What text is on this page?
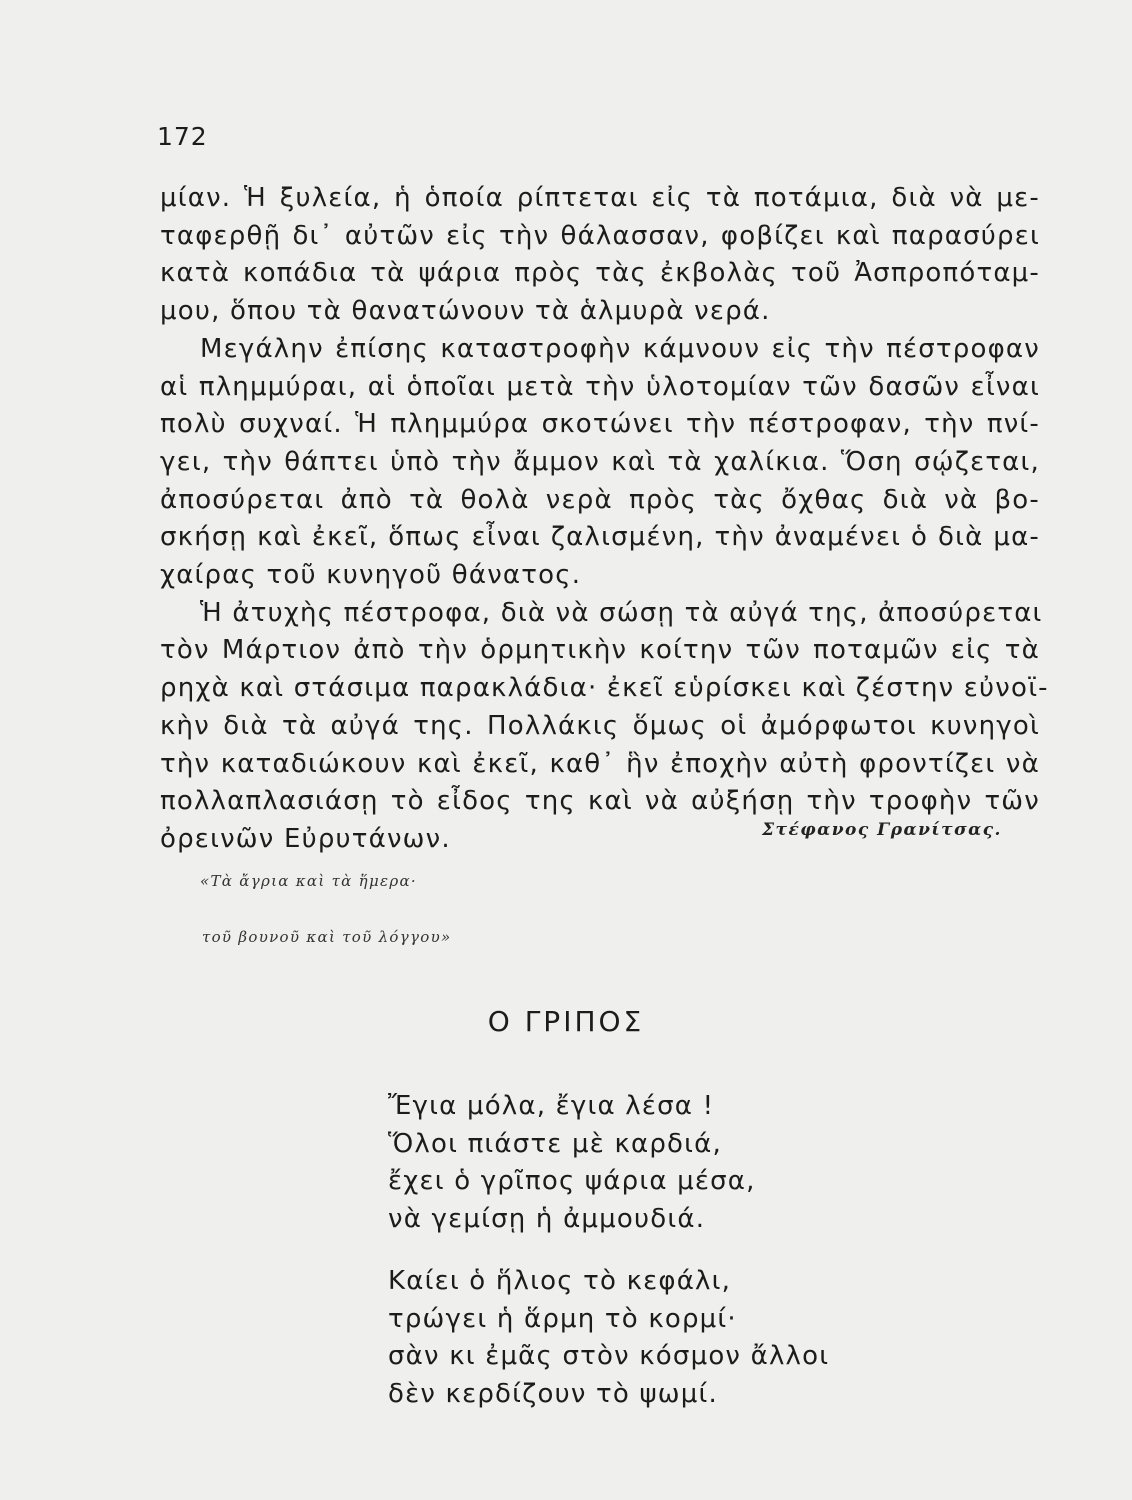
172
μίαν. Ἡ ξυλεία, ἡ ὁποία ρίπτεται εἰς τὰ ποτάμια, διὰ νὰ με-
ταφερθῇ δι᾽ αὐτῶν εἰς τὴν θάλασσαν, φοβίζει καὶ παρασύρει
κατὰ κοπάδια τὰ ψάρια πρὸς τὰς ἐκβολὰς τοῦ Ἀσπροπόταμ-
μου, ὅπου τὰ θανατώνουν τὰ ἁλμυρὰ νερά.
Μεγάλην ἐπίσης καταστροφὴν κάμνουν εἰς τὴν πέστροφαν
αἱ πλημμύραι, αἱ ὁποῖαι μετὰ τὴν ὑλοτομίαν τῶν δασῶν εἶναι
πολὺ συχναί. Ἡ πλημμύρα σκοτώνει τὴν πέστροφαν, τὴν πνί-
γει, τὴν θάπτει ὑπὸ τὴν ἄμμον καὶ τὰ χαλίκια. Ὅση σῴζεται,
ἀποσύρεται ἀπὸ τὰ θολὰ νερὰ πρὸς τὰς ὄχθας διὰ νὰ βο-
σκήσῃ καὶ ἐκεῖ, ὅπως εἶναι ζαλισμένη, τὴν ἀναμένει ὁ διὰ μα-
χαίρας τοῦ κυνηγοῦ θάνατος.
Ἡ ἀτυχὴς πέστροφα, διὰ νὰ σώσῃ τὰ αὐγά της, ἀποσύρεται
τὸν Μάρτιον ἀπὸ τὴν ὁρμητικὴν κοίτην τῶν ποταμῶν εἰς τὰ
ρηχὰ καὶ στάσιμα παρακλάδια· ἐκεῖ εὑρίσκει καὶ ζέστην εὐνοϊ-
κὴν διὰ τὰ αὐγά της. Πολλάκις ὅμως οἱ ἀμόρφωτοι κυνηγοὶ
τὴν καταδιώκουν καὶ ἐκεῖ, καθ᾽ ἣν ἐποχὴν αὐτὴ φροντίζει νὰ
πολλαπλασιάσῃ τὸ εἶδος της καὶ νὰ αὐξήσῃ τὴν τροφὴν τῶν
ὀρεινῶν Εὐρυτάνων.	Στέφανος Γρανίτσας.
«Τὰ ἄγρια καὶ τὰ ἥμερα·

τοῦ βουνοῦ καὶ τοῦ λόγγου»
Ο ΓΡΙΠΟΣ
Ἔγια μόλα, ἔγια λέσα !
Ὅλοι πιάστε μὲ καρδιά,
ἔχει ὁ γρῖπος ψάρια μέσα,
νὰ γεμίσῃ ἡ ἀμμουδιά.
Καίει ὁ ἥλιος τὸ κεφάλι,
τρώγει ἡ ἅρμη τὸ κορμί·
σὰν κι ἐμᾶς στὸν κόσμον ἄλλοι
δὲν κερδίζουν τὸ ψωμί.
